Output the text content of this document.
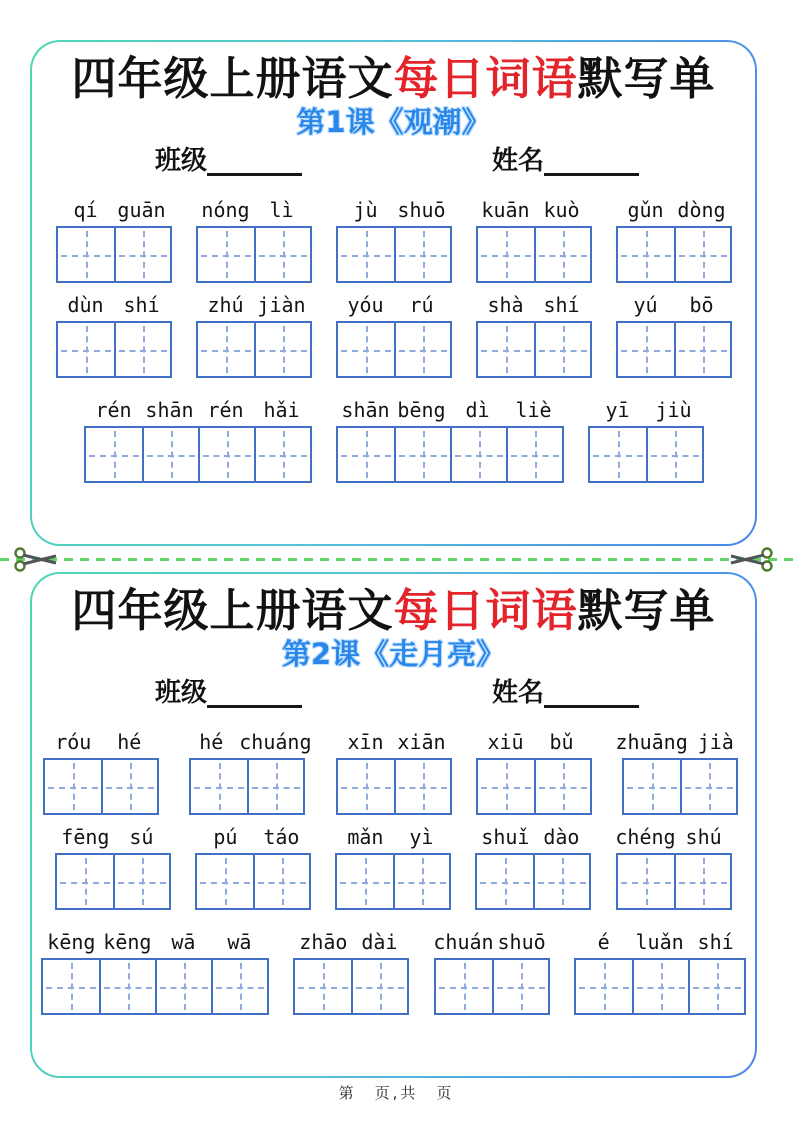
四年级上册语文每日词语默写单
第1课《观潮》
班级	姓名
qí guān nóng lì	jù shuō kuān kuò	gǔn dòng
dùn shí	zhú jiàn	yóu	rú	shà shí	yú	bō
rén shān rén hǎi	shān bēng dì	liè	yī	jiù
四年级上册语文每日词语默写单
第2课《走月亮》
班级	姓名
róu	hé	hé chuáng	xīn xiān	xiū	bǔ	zhuāng jià
fēng sú	pú	táo	mǎn	yì	shuǐ dào	chéng shú
kēng kēng wā	wā	zhāo dài	chuán shuō	é	luǎn shí
第　页,共　页
